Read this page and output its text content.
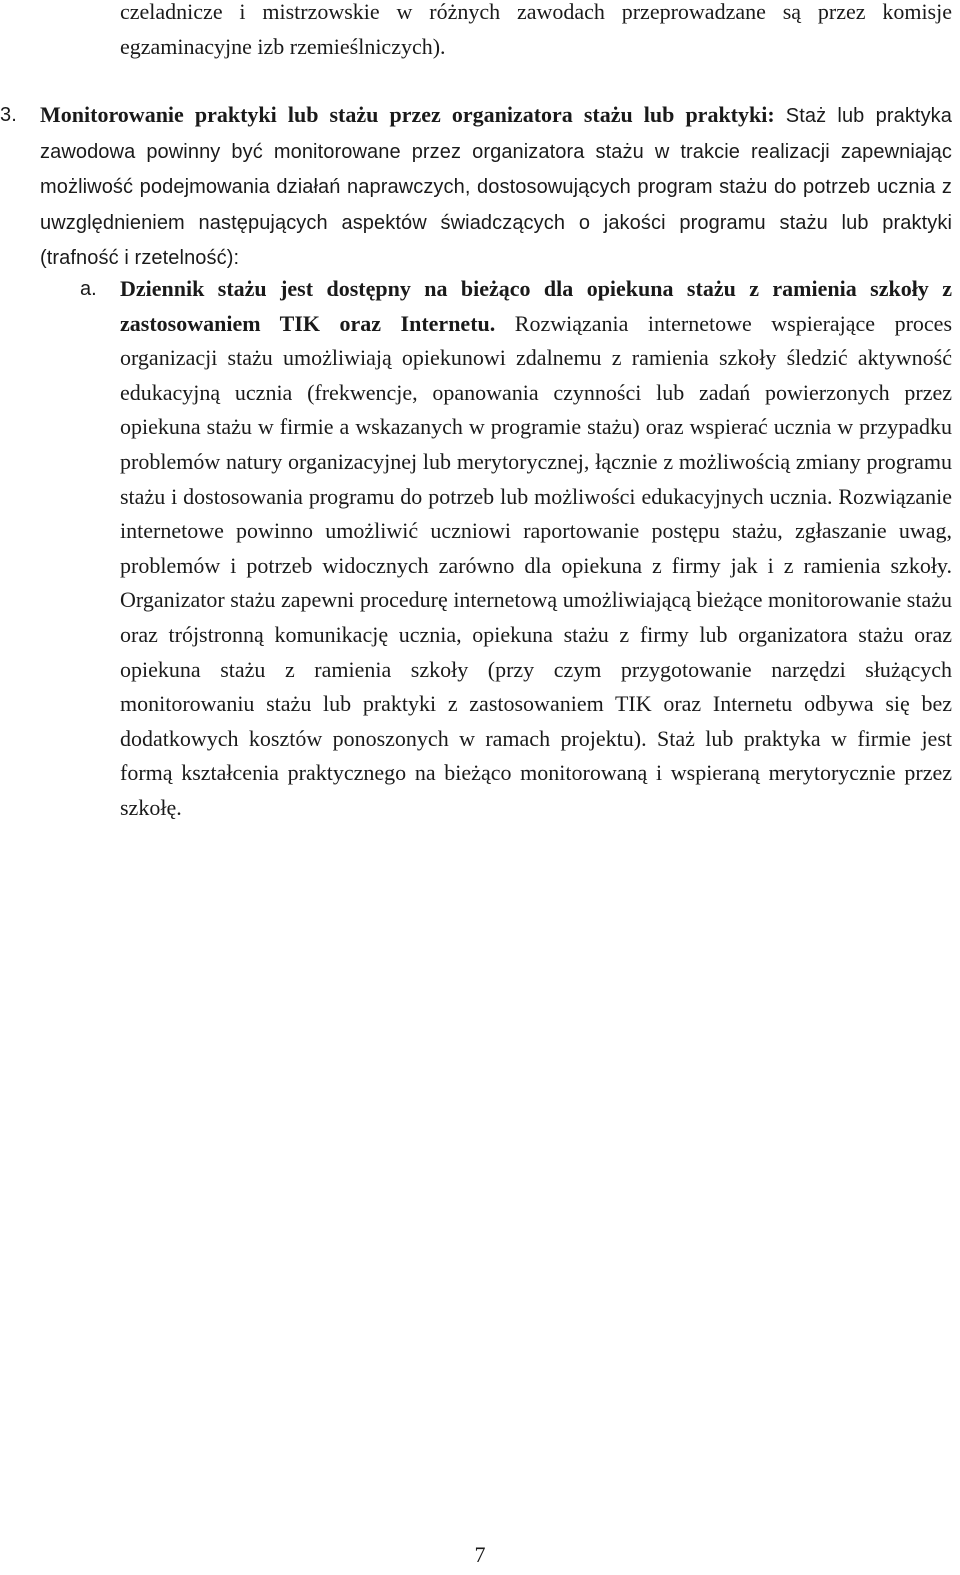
czeladnicze i mistrzowskie w różnych zawodach przeprowadzane są przez komisje egzaminacyjne izb rzemieślniczych).

3. Monitorowanie praktyki lub stażu przez organizatora stażu lub praktyki: Staż lub praktyka zawodowa powinny być monitorowane przez organizatora stażu w trakcie realizacji zapewniając możliwość podejmowania działań naprawczych, dostosowujących program stażu do potrzeb ucznia z uwzględnieniem następujących aspektów świadczących o jakości programu stażu lub praktyki (trafność i rzetelność):

a. Dziennik stażu jest dostępny na bieżąco dla opiekuna stażu z ramienia szkoły z zastosowaniem TIK oraz Internetu. Rozwiązania internetowe wspierające proces organizacji stażu umożliwiają opiekunowi zdalnemu z ramienia szkoły śledzić aktywność edukacyjną ucznia (frekwencje, opanowania czynności lub zadań powierzonych przez opiekuna stażu w firmie a wskazanych w programie stażu) oraz wspierać ucznia w przypadku problemów natury organizacyjnej lub merytorycznej, łącznie z możliwością zmiany programu stażu i dostosowania programu do potrzeb lub możliwości edukacyjnych ucznia. Rozwiązanie internetowe powinno umożliwić uczniowi raportowanie postępu stażu, zgłaszanie uwag, problemów i potrzeb widocznych zarówno dla opiekuna z firmy jak i z ramienia szkoły. Organizator stażu zapewni procedurę internetową umożliwiającą bieżące monitorowanie stażu oraz trójstronną komunikację ucznia, opiekuna stażu z firmy lub organizatora stażu oraz opiekuna stażu z ramienia szkoły (przy czym przygotowanie narzędzi służących monitorowaniu stażu lub praktyki z zastosowaniem TIK oraz Internetu odbywa się bez dodatkowych kosztów ponoszonych w ramach projektu). Staż lub praktyka w firmie jest formą kształcenia praktycznego na bieżąco monitorowaną i wspieraną merytorycznie przez szkołę.

7
